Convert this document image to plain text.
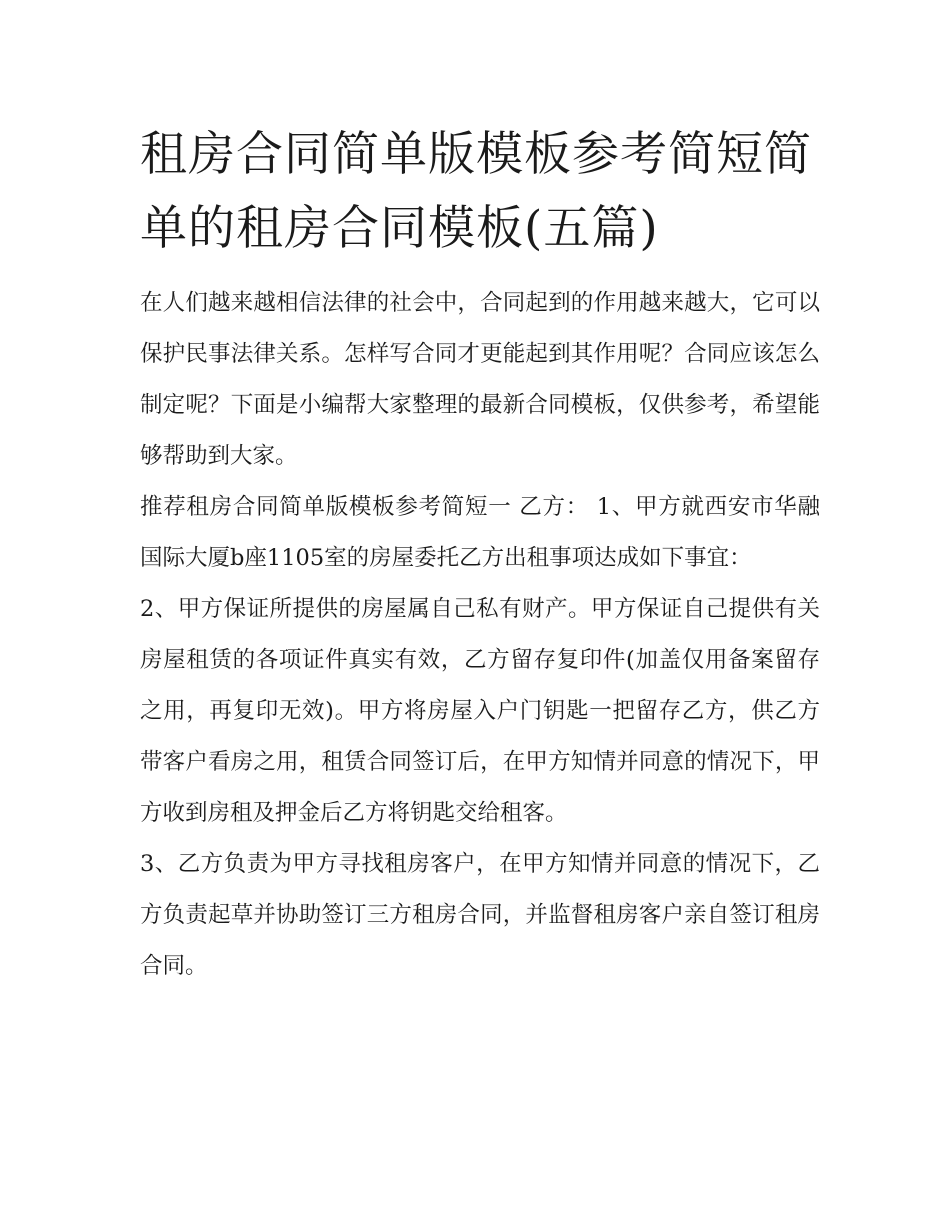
租房合同简单版模板参考简短简单的租房合同模板(五篇)

在人们越来越相信法律的社会中，合同起到的作用越来越大，它可以保护民事法律关系。怎样写合同才更能起到其作用呢？合同应该怎么制定呢？下面是小编帮大家整理的最新合同模板，仅供参考，希望能够帮助到大家。

推荐租房合同简单版模板参考简短一 乙方： 1、甲方就西安市华融国际大厦b座1105室的房屋委托乙方出租事项达成如下事宜：

2、甲方保证所提供的房屋属自己私有财产。甲方保证自己提供有关房屋租赁的各项证件真实有效，乙方留存复印件(加盖仅用备案留存之用，再复印无效)。甲方将房屋入户门钥匙一把留存乙方，供乙方带客户看房之用，租赁合同签订后，在甲方知情并同意的情况下，甲方收到房租及押金后乙方将钥匙交给租客。

3、乙方负责为甲方寻找租房客户，在甲方知情并同意的情况下，乙方负责起草并协助签订三方租房合同，并监督租房客户亲自签订租房合同。
